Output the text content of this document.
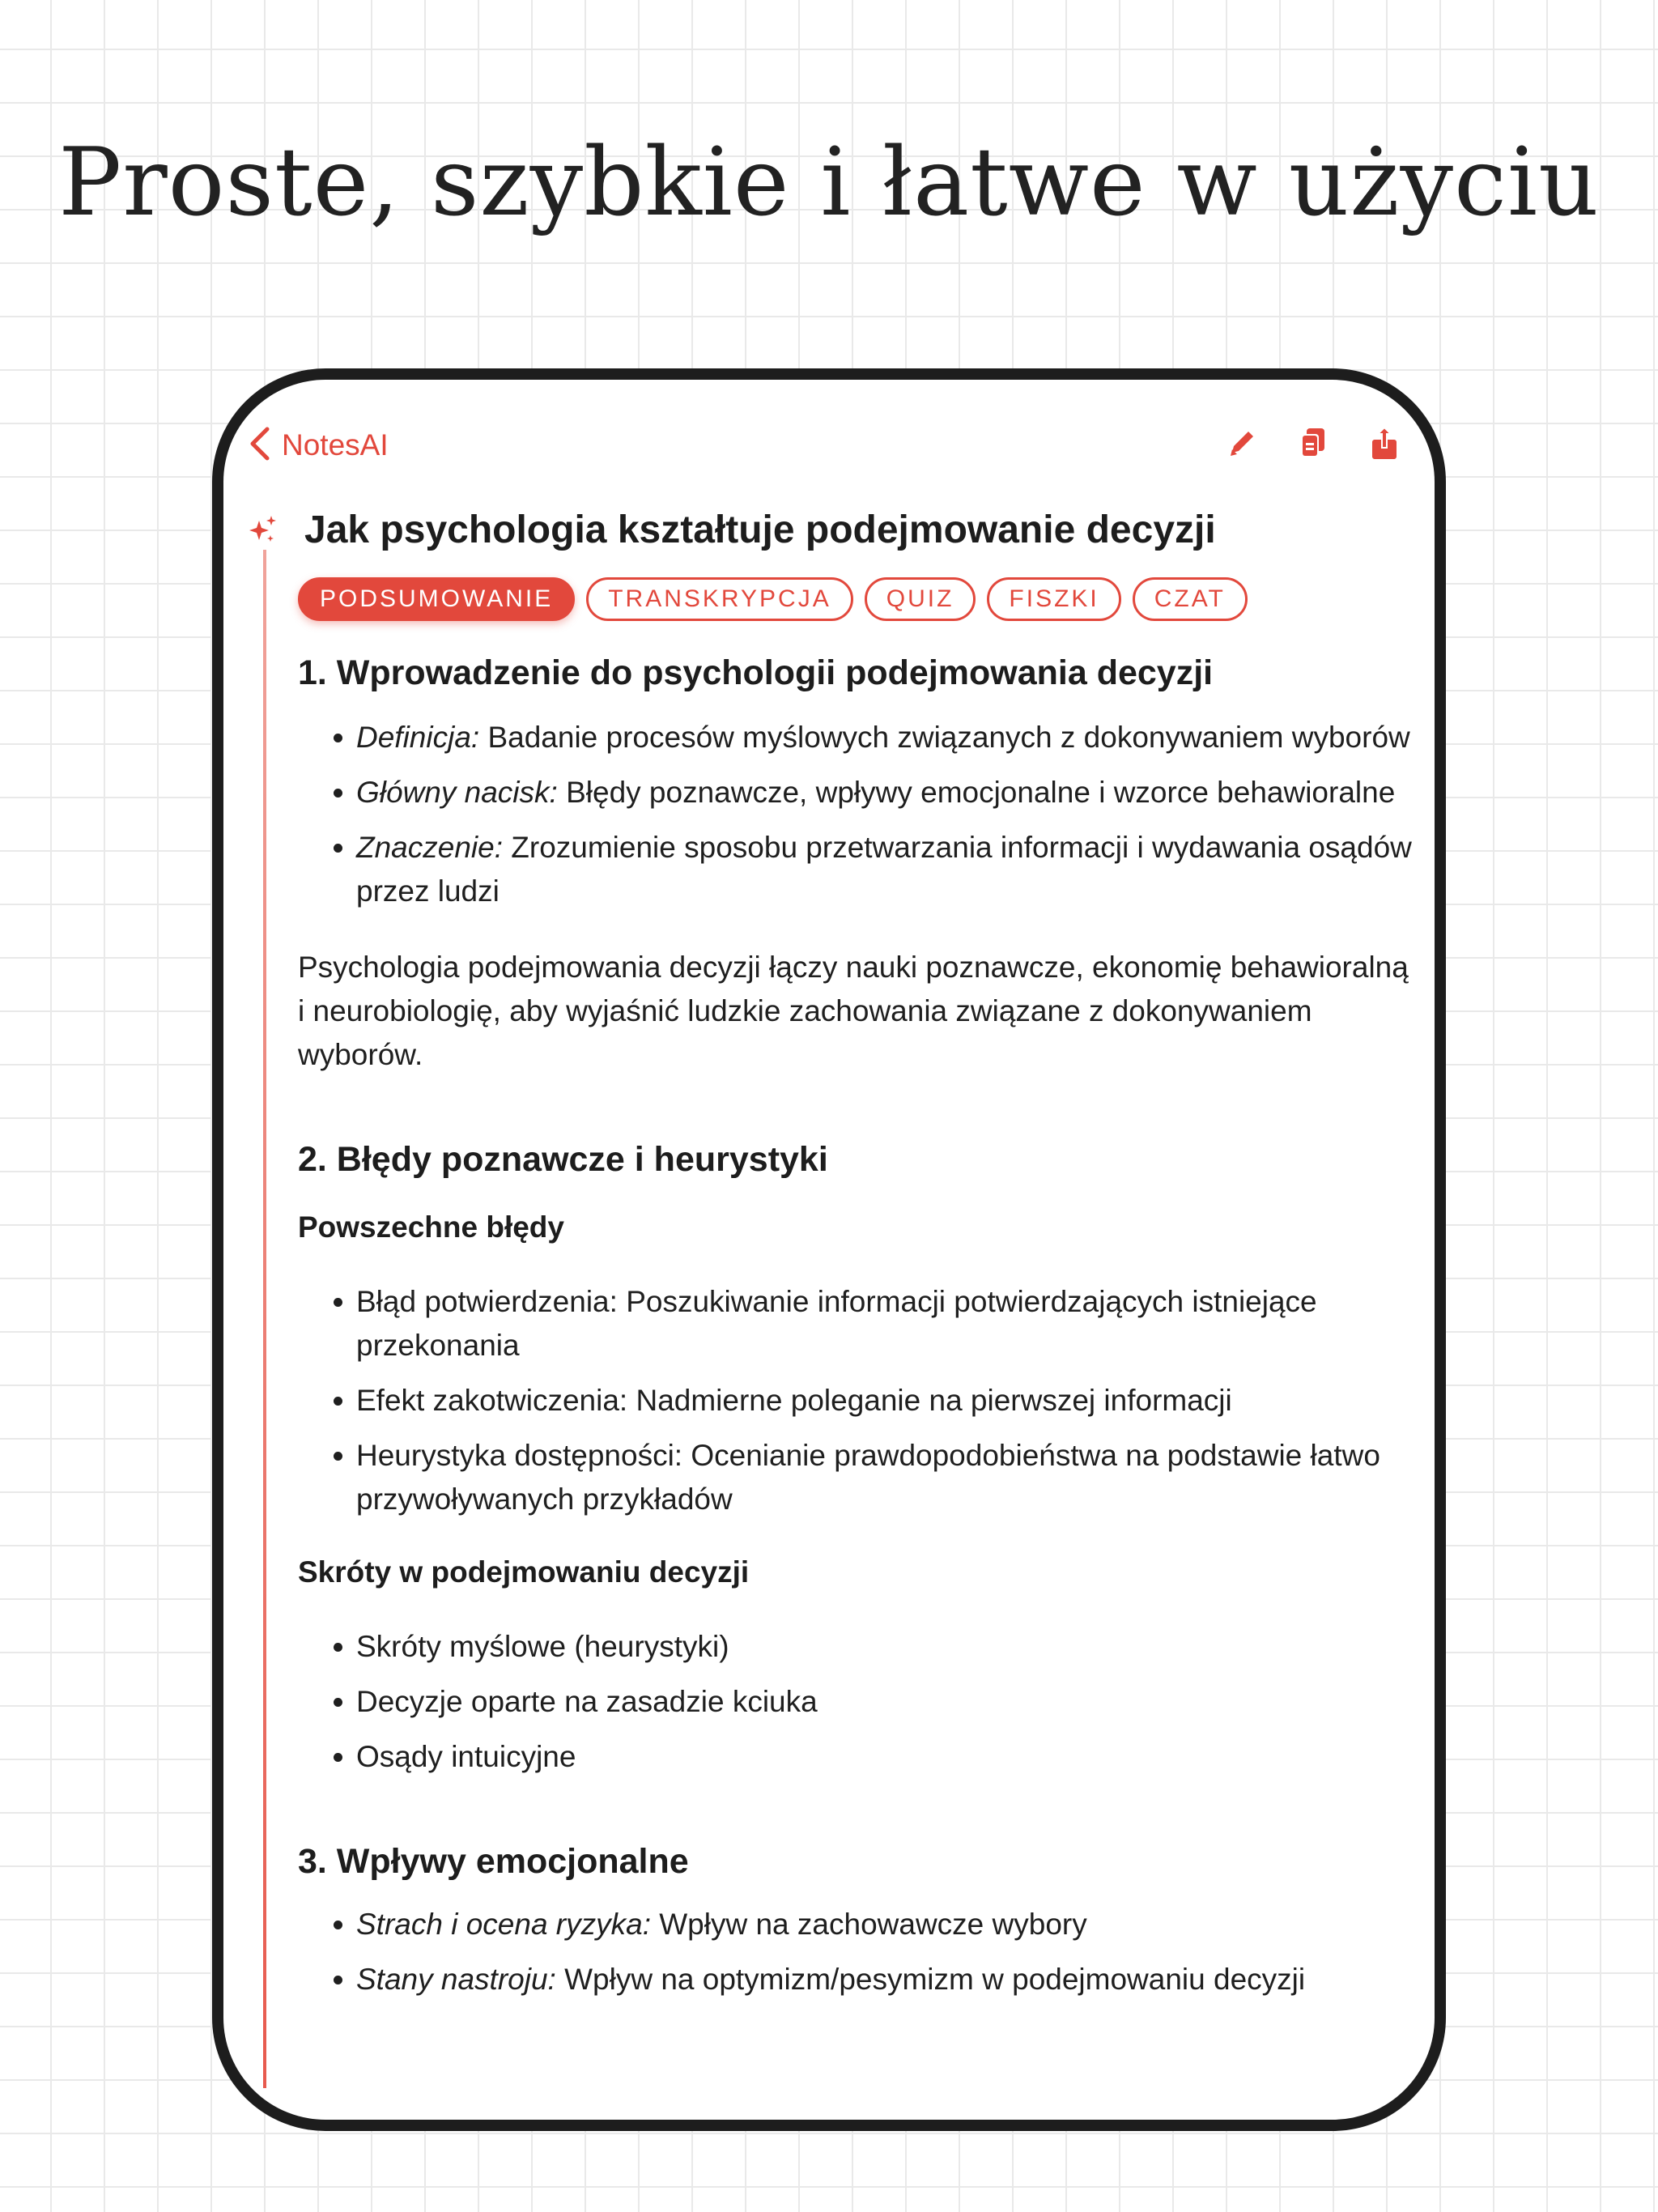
Proste, szybkie i łatwe w użyciu
NotesAI
Jak psychologia kształtuje podejmowanie decyzji
PODSUMOWANIE	TRANSKRYPCJA	QUIZ	FISZKI	CZAT
1. Wprowadzenie do psychologii podejmowania decyzji
Definicja: Badanie procesów myślowych związanych z dokonywaniem wyborów
Główny nacisk: Błędy poznawcze, wpływy emocjonalne i wzorce behawioralne
Znaczenie: Zrozumienie sposobu przetwarzania informacji i wydawania osądów przez ludzi

Psychologia podejmowania decyzji łączy nauki poznawcze, ekonomię behawioralną i neurobiologię, aby wyjaśnić ludzkie zachowania związane z dokonywaniem wyborów.

2. Błędy poznawcze i heurystyki
Powszechne błędy
Błąd potwierdzenia: Poszukiwanie informacji potwierdzających istniejące przekonania
Efekt zakotwiczenia: Nadmierne poleganie na pierwszej informacji
Heurystyka dostępności: Ocenianie prawdopodobieństwa na podstawie łatwo przywoływanych przykładów
Skróty w podejmowaniu decyzji
Skróty myślowe (heurystyki)
Decyzje oparte na zasadzie kciuka
Osądy intuicyjne
3. Wpływy emocjonalne
Strach i ocena ryzyka: Wpływ na zachowawcze wybory
Stany nastroju: Wpływ na optymizm/pesymizm w podejmowaniu decyzji
